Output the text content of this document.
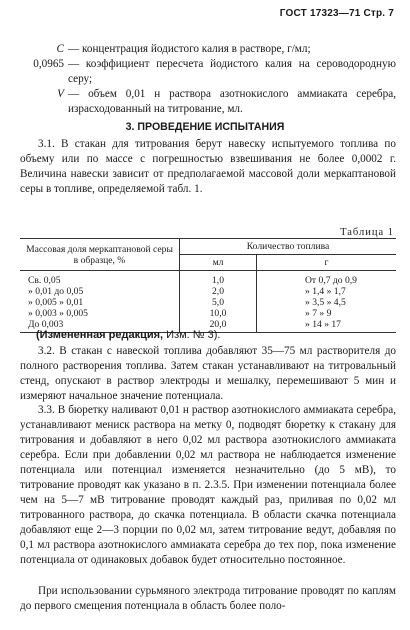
ГОСТ 17323—71 Стр. 7
C — концентрация йодистого калия в растворе, г/мл;
0,0965 — коэффициент пересчета йодистого калия на сероводородную серу;
V — объем 0,01 н раствора азотнокислого аммиаката серебра, израсходованный на титрование, мл.
3. ПРОВЕДЕНИЕ ИСПЫТАНИЯ
3.1. В стакан для титрования берут навеску испытуемого топлива по объему или по массе с погрешностью взвешивания не более 0,0002 г. Величина навески зависит от предполагаемой массовой доли меркаптановой серы в топливе, определяемой табл. 1.
Таблица 1
Массовая доля меркаптановой серы в образце, %	Количество топлива	
	мл	г
Св. 0,05	1,0	От 0,7 до 0,9
» 0,01 до 0,05	2,0	» 1,4 » 1,7
» 0,005 » 0,01	5,0	» 3,5 » 4,5
» 0,003 » 0,005	10,0	» 7 » 9
До 0,003	20,0	» 14 » 17
(Измененная редакция, Изм. № 3).
3.2. В стакан с навеской топлива добавляют 35—75 мл растворителя до полного растворения топлива. Затем стакан устанавливают на титровальный стенд, опускают в раствор электроды и мешалку, перемешивают 5 мин и измеряют начальное значение потенциала.
3.3. В бюретку наливают 0,01 н раствор азотнокислого аммиаката серебра, устанавливают мениск раствора на метку 0, подводят бюретку к стакану для титрования и добавляют в него 0,02 мл раствора азотнокислого аммиаката серебра. Если при добавлении 0,02 мл раствора не наблюдается изменение потенциала или потенциал изменяется незначительно (до 5 мВ), то титрование проводят как указано в п. 2.3.5. При изменении потенциала более чем на 5—7 мВ титрование проводят каждый раз, приливая по 0,02 мл титрованного раствора, до скачка потенциала. В области скачка потенциала добавляют еще 2—3 порции по 0,02 мл, затем титрование ведут, добавляя по 0,1 мл раствора азотнокислого аммиаката серебра до тех пор, пока изменение потенциала от одинаковых добавок будет относительно постоянное.
При использовании сурьмяного электрода титрование проводят по каплям до первого смещения потенциала в область более поло-
